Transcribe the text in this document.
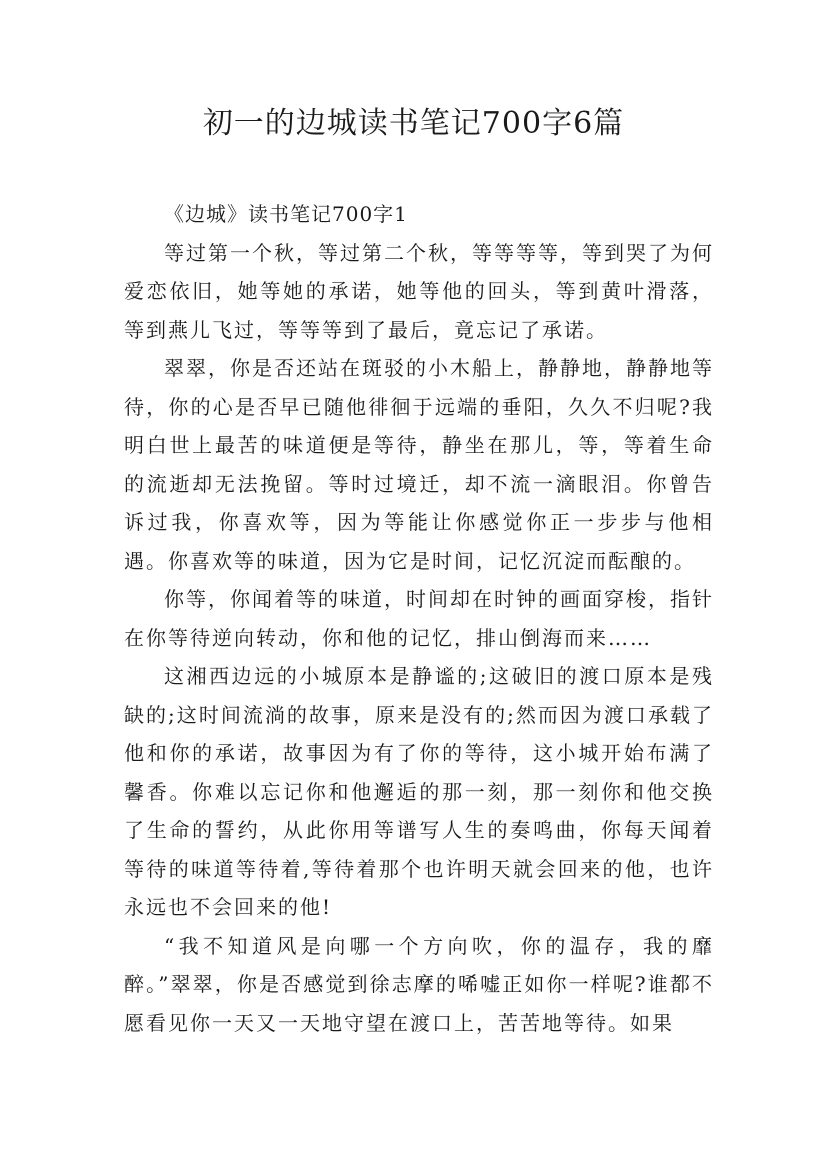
初一的边城读书笔记700字6篇

《边城》读书笔记700字1

等过第一个秋，等过第二个秋，等等等等，等到哭了为何爱恋依旧，她等她的承诺，她等他的回头，等到黄叶滑落，等到燕儿飞过，等等等到了最后，竟忘记了承诺。

翠翠，你是否还站在斑驳的小木船上，静静地，静静地等待，你的心是否早已随他徘徊于远端的垂阳，久久不归呢?我明白世上最苦的味道便是等待，静坐在那儿，等，等着生命的流逝却无法挽留。等时过境迁，却不流一滴眼泪。你曾告诉过我，你喜欢等，因为等能让你感觉你正一步步与他相遇。你喜欢等的味道，因为它是时间，记忆沉淀而酝酿的。

你等，你闻着等的味道，时间却在时钟的画面穿梭，指针在你等待逆向转动，你和他的记忆，排山倒海而来……

这湘西边远的小城原本是静谧的;这破旧的渡口原本是残缺的;这时间流淌的故事，原来是没有的;然而因为渡口承载了他和你的承诺，故事因为有了你的等待，这小城开始布满了馨香。你难以忘记你和他邂逅的那一刻，那一刻你和他交换了生命的誓约，从此你用等谱写人生的奏鸣曲，你每天闻着等待的味道等待着,等待着那个也许明天就会回来的他，也许永远也不会回来的他!

“我不知道风是向哪一个方向吹，你的温存，我的靡醉。”翠翠，你是否感觉到徐志摩的唏嘘正如你一样呢?谁都不愿看见你一天又一天地守望在渡口上，苦苦地等待。如果
